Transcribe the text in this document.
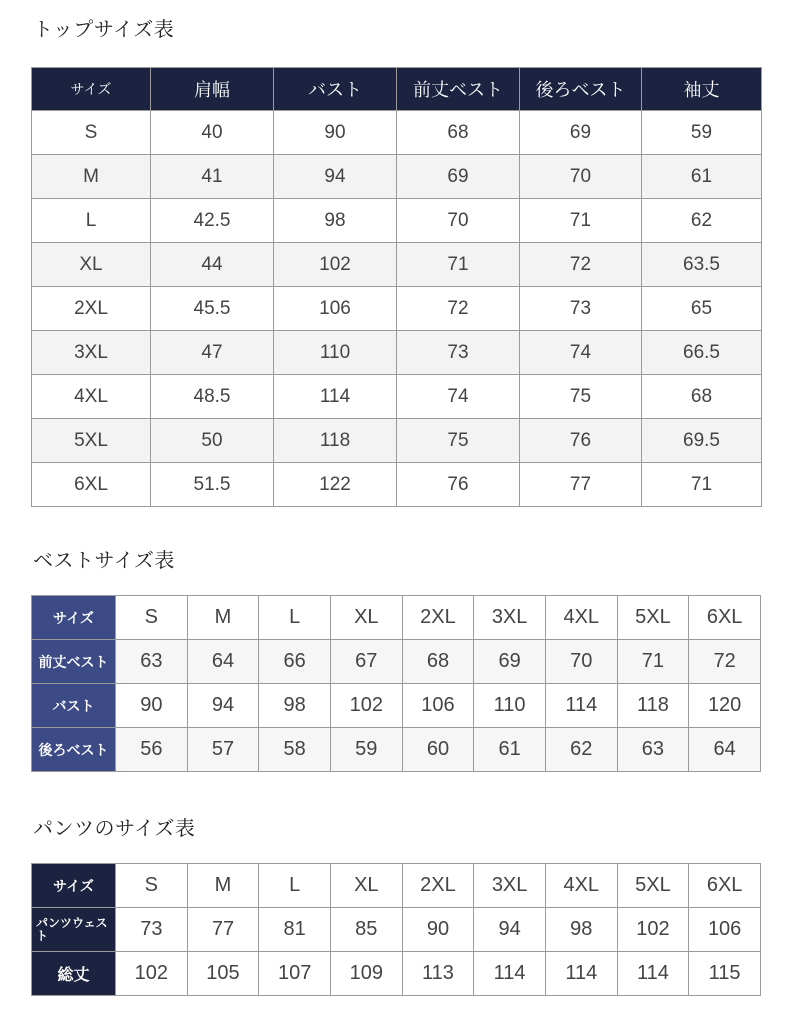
トップサイズ表
サイズ	肩幅	バスト	前丈ベスト	後ろベスト	袖丈
S	40	90	68	69	59
M	41	94	69	70	61
L	42.5	98	70	71	62
XL	44	102	71	72	63.5
2XL	45.5	106	72	73	65
3XL	47	110	73	74	66.5
4XL	48.5	114	74	75	68
5XL	50	118	75	76	69.5
6XL	51.5	122	76	77	71
ベストサイズ表
サイズ	S	M	L	XL	2XL	3XL	4XL	5XL	6XL
前丈ベスト	63	64	66	67	68	69	70	71	72
バスト	90	94	98	102	106	110	114	118	120
後ろベスト	56	57	58	59	60	61	62	63	64
パンツのサイズ表
サイズ	S	M	L	XL	2XL	3XL	4XL	5XL	6XL
パンツウェスト	73	77	81	85	90	94	98	102	106
総丈	102	105	107	109	113	114	114	114	115
